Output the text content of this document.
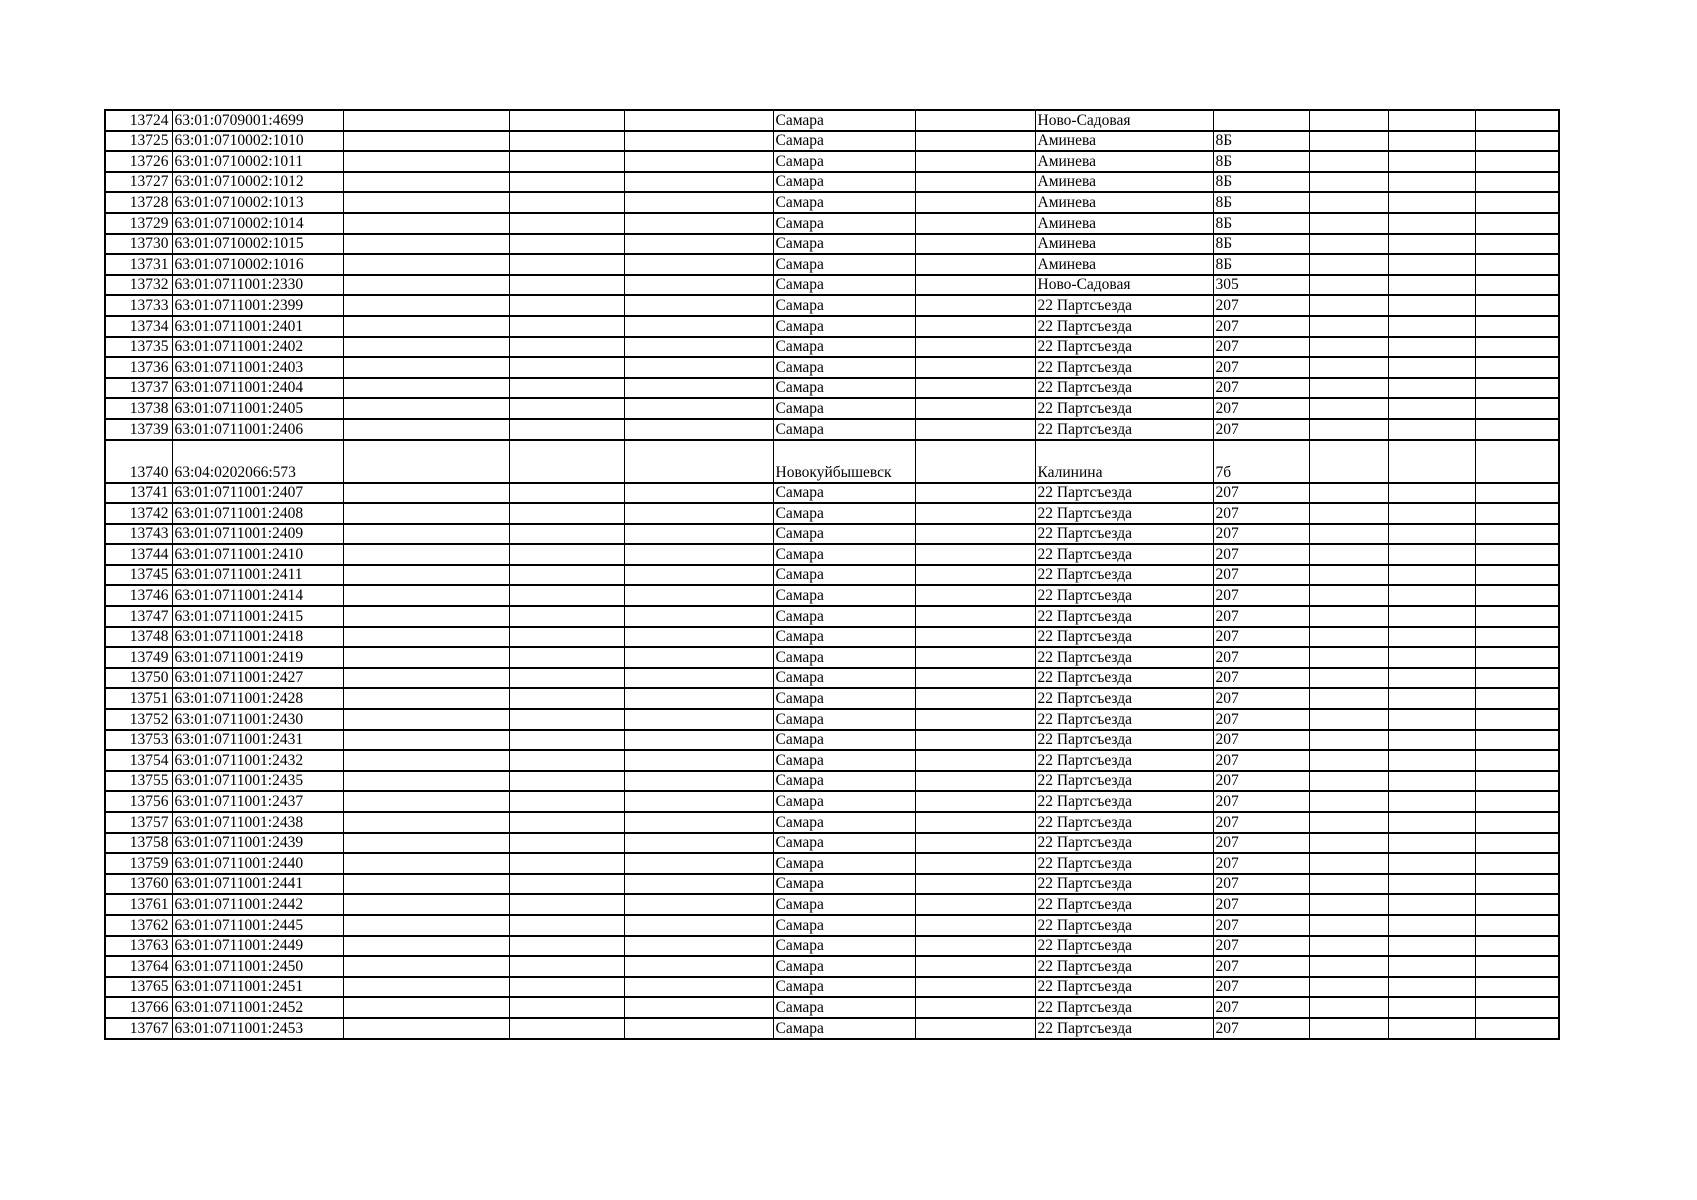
13724	63:01:0709001:4699				Самара		Ново-Садовая				
13725	63:01:0710002:1010				Самара		Аминева	8Б			
13726	63:01:0710002:1011				Самара		Аминева	8Б			
13727	63:01:0710002:1012				Самара		Аминева	8Б			
13728	63:01:0710002:1013				Самара		Аминева	8Б			
13729	63:01:0710002:1014				Самара		Аминева	8Б			
13730	63:01:0710002:1015				Самара		Аминева	8Б			
13731	63:01:0710002:1016				Самара		Аминева	8Б			
13732	63:01:0711001:2330				Самара		Ново-Садовая	305			
13733	63:01:0711001:2399				Самара		22 Партсъезда	207			
13734	63:01:0711001:2401				Самара		22 Партсъезда	207			
13735	63:01:0711001:2402				Самара		22 Партсъезда	207			
13736	63:01:0711001:2403				Самара		22 Партсъезда	207			
13737	63:01:0711001:2404				Самара		22 Партсъезда	207			
13738	63:01:0711001:2405				Самара		22 Партсъезда	207			
13739	63:01:0711001:2406				Самара		22 Партсъезда	207			
13740	63:04:0202066:573				Новокуйбышевск		Калинина	7б			
13741	63:01:0711001:2407				Самара		22 Партсъезда	207			
13742	63:01:0711001:2408				Самара		22 Партсъезда	207			
13743	63:01:0711001:2409				Самара		22 Партсъезда	207			
13744	63:01:0711001:2410				Самара		22 Партсъезда	207			
13745	63:01:0711001:2411				Самара		22 Партсъезда	207			
13746	63:01:0711001:2414				Самара		22 Партсъезда	207			
13747	63:01:0711001:2415				Самара		22 Партсъезда	207			
13748	63:01:0711001:2418				Самара		22 Партсъезда	207			
13749	63:01:0711001:2419				Самара		22 Партсъезда	207			
13750	63:01:0711001:2427				Самара		22 Партсъезда	207			
13751	63:01:0711001:2428				Самара		22 Партсъезда	207			
13752	63:01:0711001:2430				Самара		22 Партсъезда	207			
13753	63:01:0711001:2431				Самара		22 Партсъезда	207			
13754	63:01:0711001:2432				Самара		22 Партсъезда	207			
13755	63:01:0711001:2435				Самара		22 Партсъезда	207			
13756	63:01:0711001:2437				Самара		22 Партсъезда	207			
13757	63:01:0711001:2438				Самара		22 Партсъезда	207			
13758	63:01:0711001:2439				Самара		22 Партсъезда	207			
13759	63:01:0711001:2440				Самара		22 Партсъезда	207			
13760	63:01:0711001:2441				Самара		22 Партсъезда	207			
13761	63:01:0711001:2442				Самара		22 Партсъезда	207			
13762	63:01:0711001:2445				Самара		22 Партсъезда	207			
13763	63:01:0711001:2449				Самара		22 Партсъезда	207			
13764	63:01:0711001:2450				Самара		22 Партсъезда	207			
13765	63:01:0711001:2451				Самара		22 Партсъезда	207			
13766	63:01:0711001:2452				Самара		22 Партсъезда	207			
13767	63:01:0711001:2453				Самара		22 Партсъезда	207			
